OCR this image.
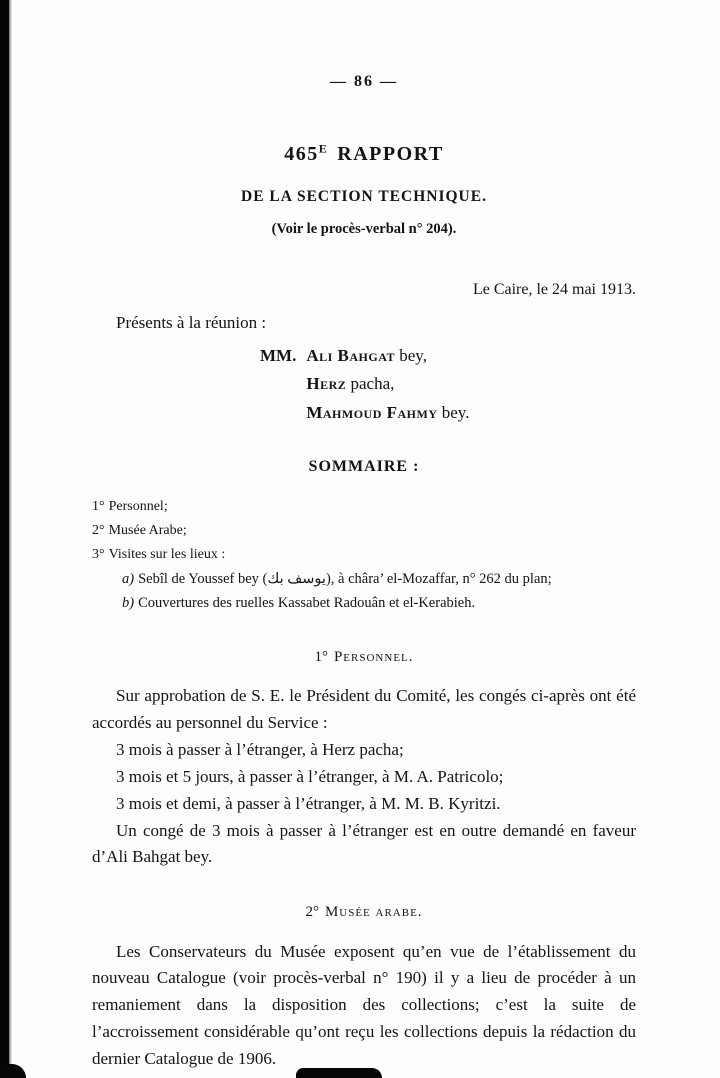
— 86 —
$465^E$ RAPPORT
DE LA SECTION TECHNIQUE.
(Voir le procès-verbal n° 204).
Le Caire, le 24 mai 1913.
Présents à la réunion :
MM. Ali Bahgat bey,
Herz pacha,
Mahmoud Fahmy bey.
SOMMAIRE :
1° Personnel;
2° Musée Arabe;
3° Visites sur les lieux :
a) Sebîl de Youssef bey (يوسف بك), à châra’ el-Mozaffar, n° 262 du plan;
b) Couvertures des ruelles Kassabet Radouân et el-Kerabieh.
1° Personnel.

Sur approbation de S. E. le Président du Comité, les congés ci-après ont été accordés au personnel du Service :

3 mois à passer à l’étranger, à Herz pacha;
3 mois et 5 jours, à passer à l’étranger, à M. A. Patricolo;
3 mois et demi, à passer à l’étranger, à M. M. B. Kyritzi.

Un congé de 3 mois à passer à l’étranger est en outre demandé en faveur d’Ali Bahgat bey.

2° Musée arabe.

Les Conservateurs du Musée exposent qu’en vue de l’établissement du nouveau Catalogue (voir procès-verbal n° 190) il y a lieu de procéder à un remaniement dans la disposition des collections; c’est la suite de l’accroissement considérable qu’ont reçu les collections depuis la rédaction du dernier Catalogue de 1906.
